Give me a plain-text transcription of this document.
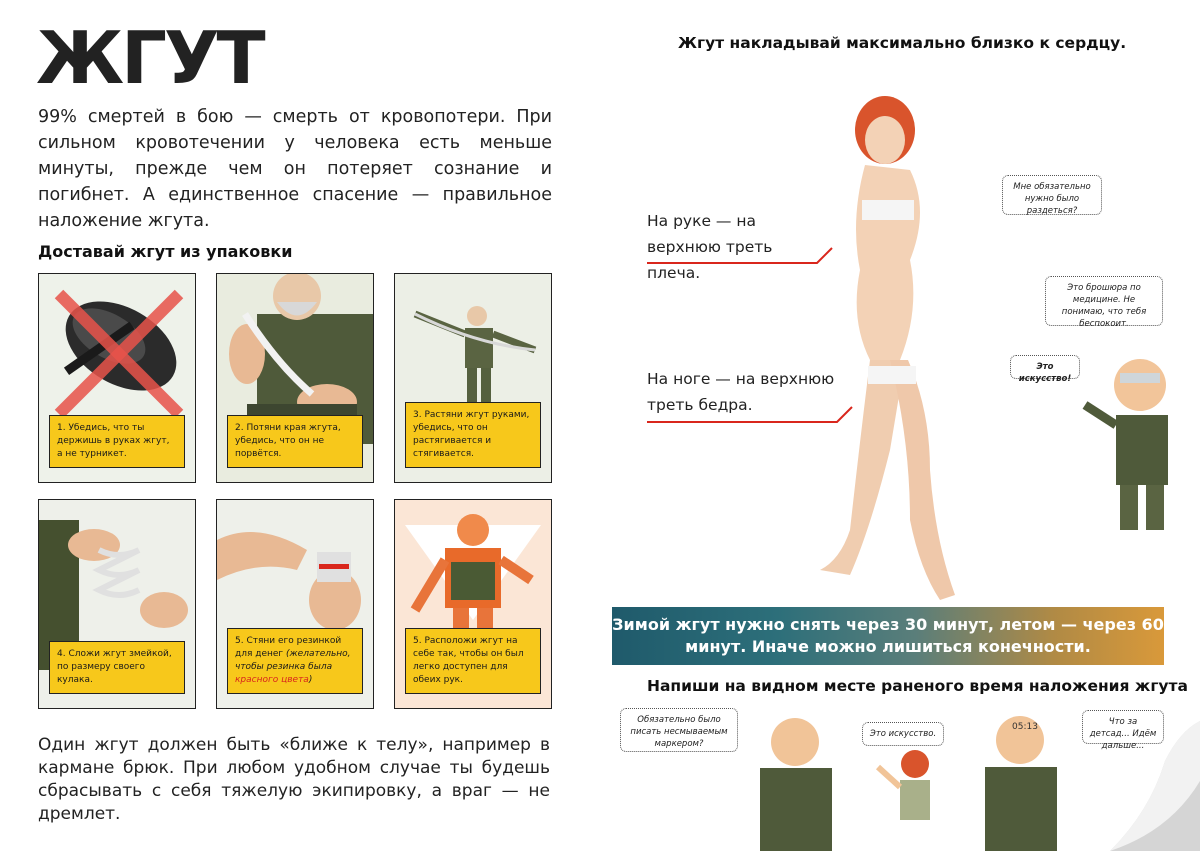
ЖГУТ

99% смертей в бою — смерть от кровопотери. При сильном кровотечении у человека есть меньше минуты, прежде чем он потеряет сознание и погибнет. А единственное спасение — правильное наложение жгута.

Доставай жгут из упаковки
1. Убедись, что ты держишь в руках жгут, а не турникет.
2. Потяни края жгута, убедись, что он не порвётся.
3. Растяни жгут руками, убедись, что он растягивается и стягивается.
4. Сложи жгут змейкой, по размеру своего кулака.
5. Стяни его резинкой для денег (желательно, чтобы резинка была красного цвета)
5. Расположи жгут на себе так, чтобы он был легко доступен для обеих рук.

Один жгут должен быть «ближе к телу», например в кармане брюк. При любом удобном случае ты будешь сбрасывать с себя тяжелую экипировку, а враг — не дремлет.

Жгут накладывай максимально близко к сердцу.

На руке — на верхнюю треть плеча.

На ноге — на верхнюю треть бедра.

Мне обязательно нужно было раздеться?
Это брошюра по медицине. Не понимаю, что тебя беспокоит.
Это искусство!
Зимой жгут нужно снять через 30 минут, летом — через 60 минут. Иначе можно лишиться конечности.
Напиши на видном месте раненого время наложения жгута
Обязательно было писать несмываемым маркером?
Это искусство.
Что за детсад... Идём дальше...
05:13
